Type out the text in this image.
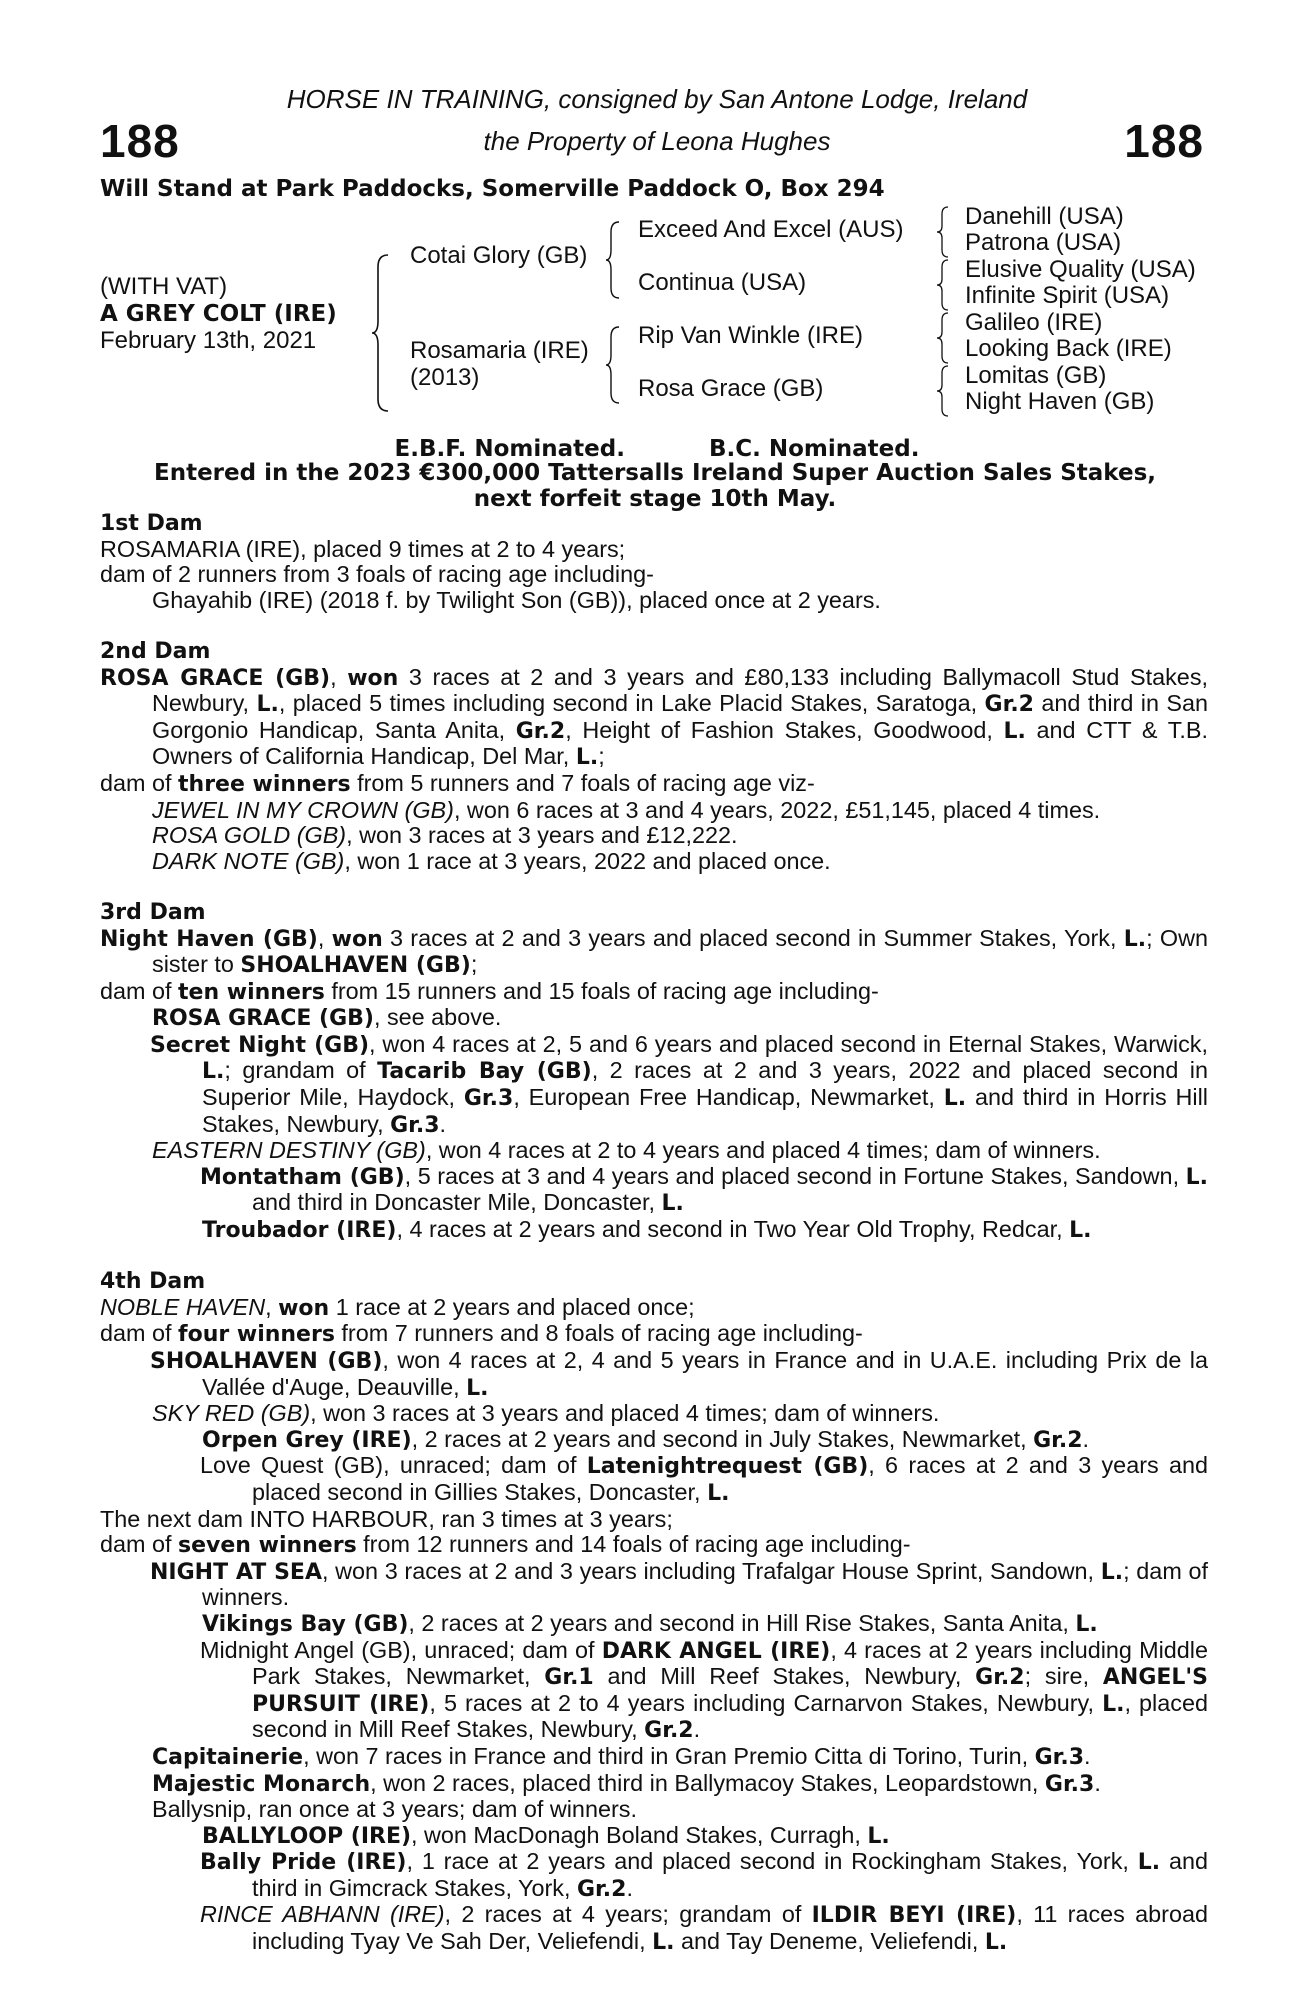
188	188
HORSE IN TRAINING, consigned by San Antone Lodge, Ireland
the Property of Leona Hughes
Will Stand at Park Paddocks, Somerville Paddock O, Box 294
(WITH VAT)
A GREY COLT (IRE)
February 13th, 2021
Cotai Glory (GB)
Rosamaria (IRE)
(2013)
Exceed And Excel (AUS)
Continua (USA)
Rip Van Winkle (IRE)
Rosa Grace (GB)
Danehill (USA)
Patrona (USA)
Elusive Quality (USA)
Infinite Spirit (USA)
Galileo (IRE)
Looking Back (IRE)
Lomitas (GB)
Night Haven (GB)
E.B.F. Nominated.	B.C. Nominated.
Entered in the 2023 €300,000 Tattersalls Ireland Super Auction Sales Stakes,
next forfeit stage 10th May.

1st Dam

ROSAMARIA (IRE), placed 9 times at 2 to 4 years;

dam of 2 runners from 3 foals of racing age including-

Ghayahib (IRE) (2018 f. by Twilight Son (GB)), placed once at 2 years.

2nd Dam

ROSA GRACE (GB), won 3 races at 2 and 3 years and £80,133 including Ballymacoll Stud Stakes, Newbury, L., placed 5 times including second in Lake Placid Stakes, Saratoga, Gr.2 and third in San Gorgonio Handicap, Santa Anita, Gr.2, Height of Fashion Stakes, Goodwood, L. and CTT & T.B. Owners of California Handicap, Del Mar, L.;

dam of three winners from 5 runners and 7 foals of racing age viz-

JEWEL IN MY CROWN (GB), won 6 races at 3 and 4 years, 2022, £51,145, placed 4 times.

ROSA GOLD (GB), won 3 races at 3 years and £12,222.

DARK NOTE (GB), won 1 race at 3 years, 2022 and placed once.

3rd Dam

Night Haven (GB), won 3 races at 2 and 3 years and placed second in Summer Stakes, York, L.; Own sister to SHOALHAVEN (GB);

dam of ten winners from 15 runners and 15 foals of racing age including-

ROSA GRACE (GB), see above.

Secret Night (GB), won 4 races at 2, 5 and 6 years and placed second in Eternal Stakes, Warwick, L.; grandam of Tacarib Bay (GB), 2 races at 2 and 3 years, 2022 and placed second in Superior Mile, Haydock, Gr.3, European Free Handicap, Newmarket, L. and third in Horris Hill Stakes, Newbury, Gr.3.

EASTERN DESTINY (GB), won 4 races at 2 to 4 years and placed 4 times; dam of winners.

Montatham (GB), 5 races at 3 and 4 years and placed second in Fortune Stakes, Sandown, L. and third in Doncaster Mile, Doncaster, L.

Troubador (IRE), 4 races at 2 years and second in Two Year Old Trophy, Redcar, L.

4th Dam

NOBLE HAVEN, won 1 race at 2 years and placed once;

dam of four winners from 7 runners and 8 foals of racing age including-

SHOALHAVEN (GB), won 4 races at 2, 4 and 5 years in France and in U.A.E. including Prix de la Vallée d'Auge, Deauville, L.

SKY RED (GB), won 3 races at 3 years and placed 4 times; dam of winners.

Orpen Grey (IRE), 2 races at 2 years and second in July Stakes, Newmarket, Gr.2.

Love Quest (GB), unraced; dam of Latenightrequest (GB), 6 races at 2 and 3 years and placed second in Gillies Stakes, Doncaster, L.

The next dam INTO HARBOUR, ran 3 times at 3 years;

dam of seven winners from 12 runners and 14 foals of racing age including-

NIGHT AT SEA, won 3 races at 2 and 3 years including Trafalgar House Sprint, Sandown, L.; dam of winners.

Vikings Bay (GB), 2 races at 2 years and second in Hill Rise Stakes, Santa Anita, L.

Midnight Angel (GB), unraced; dam of DARK ANGEL (IRE), 4 races at 2 years including Middle Park Stakes, Newmarket, Gr.1 and Mill Reef Stakes, Newbury, Gr.2; sire, ANGEL'S PURSUIT (IRE), 5 races at 2 to 4 years including Carnarvon Stakes, Newbury, L., placed second in Mill Reef Stakes, Newbury, Gr.2.

Capitainerie, won 7 races in France and third in Gran Premio Citta di Torino, Turin, Gr.3.

Majestic Monarch, won 2 races, placed third in Ballymacoy Stakes, Leopardstown, Gr.3.

Ballysnip, ran once at 3 years; dam of winners.

BALLYLOOP (IRE), won MacDonagh Boland Stakes, Curragh, L.

Bally Pride (IRE), 1 race at 2 years and placed second in Rockingham Stakes, York, L. and third in Gimcrack Stakes, York, Gr.2.

RINCE ABHANN (IRE), 2 races at 4 years; grandam of ILDIR BEYI (IRE), 11 races abroad including Tyay Ve Sah Der, Veliefendi, L. and Tay Deneme, Veliefendi, L.
